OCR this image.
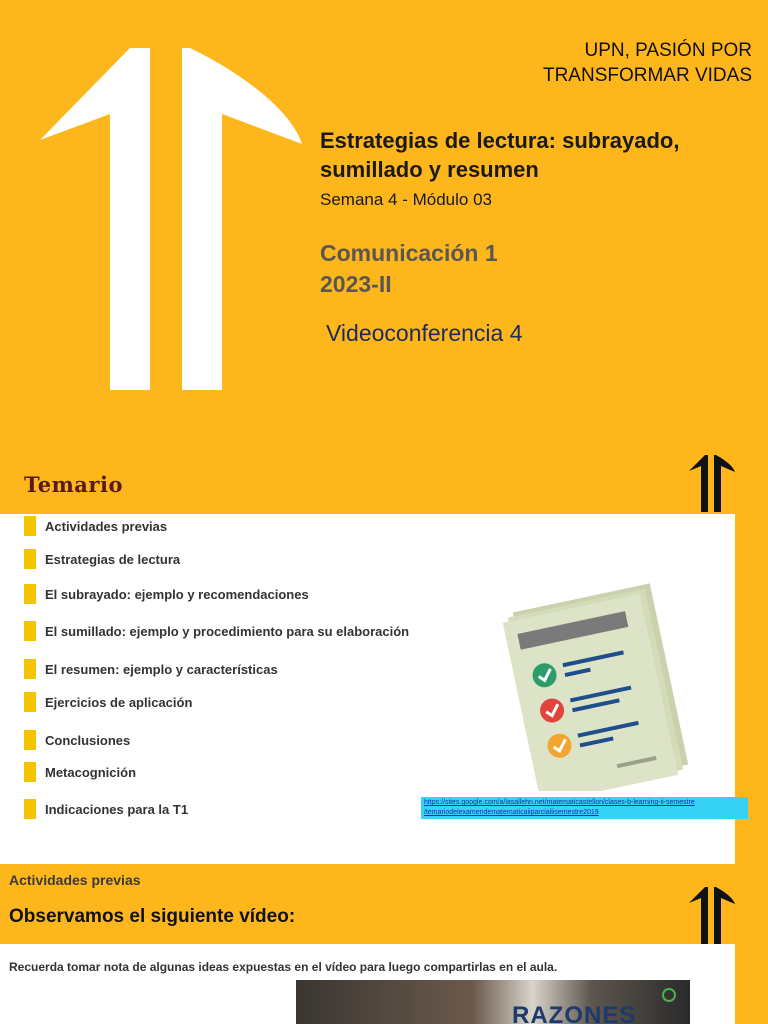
UPN, PASIÓN POR
TRANSFORMAR VIDAS
Estrategias de lectura: subrayado,
sumillado y resumen
Semana 4 - Módulo 03
Comunicación 1
2023-II
Videoconferencia 4
Temario
Actividades previas
Estrategias de lectura
El subrayado: ejemplo y recomendaciones
El sumillado: ejemplo y procedimiento para su elaboración
El resumen: ejemplo y características
Ejercicios de aplicación
Conclusiones
Metacognición
Indicaciones para la T1	https://sites.google.com/a/lasallehn.net/matematicastellon/clases-b-learning-ii-semestre
/temariodelexamendematematicaiiparcialiisemestre2019
Actividades previas
Observamos el siguiente vídeo:
Recuerda tomar nota de algunas ideas expuestas en el vídeo para luego compartirlas en el aula.
RAZONES
